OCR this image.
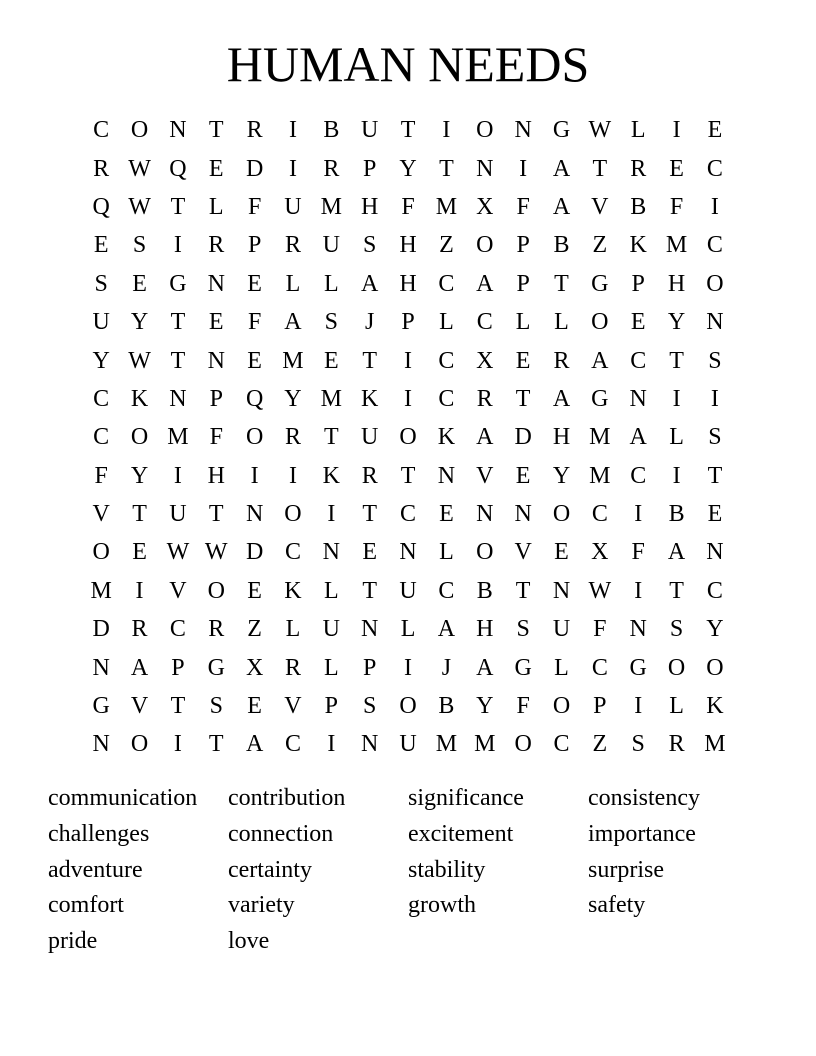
HUMAN NEEDS
C O N T R	I	B U T	I	O N G W L	I	E
R W Q E D	I	R P Y T N	I	A T R E C
Q W T L	F U M H F M X F A V B F	I
E	S	I	R P R U S H Z O P B Z K M C
S	E G N E L L A H C A P	T G P H O
U Y T E	F A S	J	P	L C L L O E Y N
Y W T N E M E T	I	C X E R A C T	S
C K N P Q Y M K	I	C R T A G N	I	I
C O M F O R T U O K A D H M A L	S
F Y	I	H	I	I	K R T N V E Y M C	I	T
V T U T N O	I	T C E N N O C	I	B E
O E W W D C N E N L O V E X F A N
M I	V O E K L T U C B T N W I	T C
D R C R Z L U N L A H S U F N S Y
N A P G X R L	P	I	J	A G L C G O O
G V T	S	E V P	S O B Y F O P	I	L K
N O	I	T A C	I	N U M M O C Z	S R M
communication	contribution	significance	consistency
challenges	connection	excitement	importance
adventure	certainty	stability	surprise
comfort	variety	growth	safety
pride	love
